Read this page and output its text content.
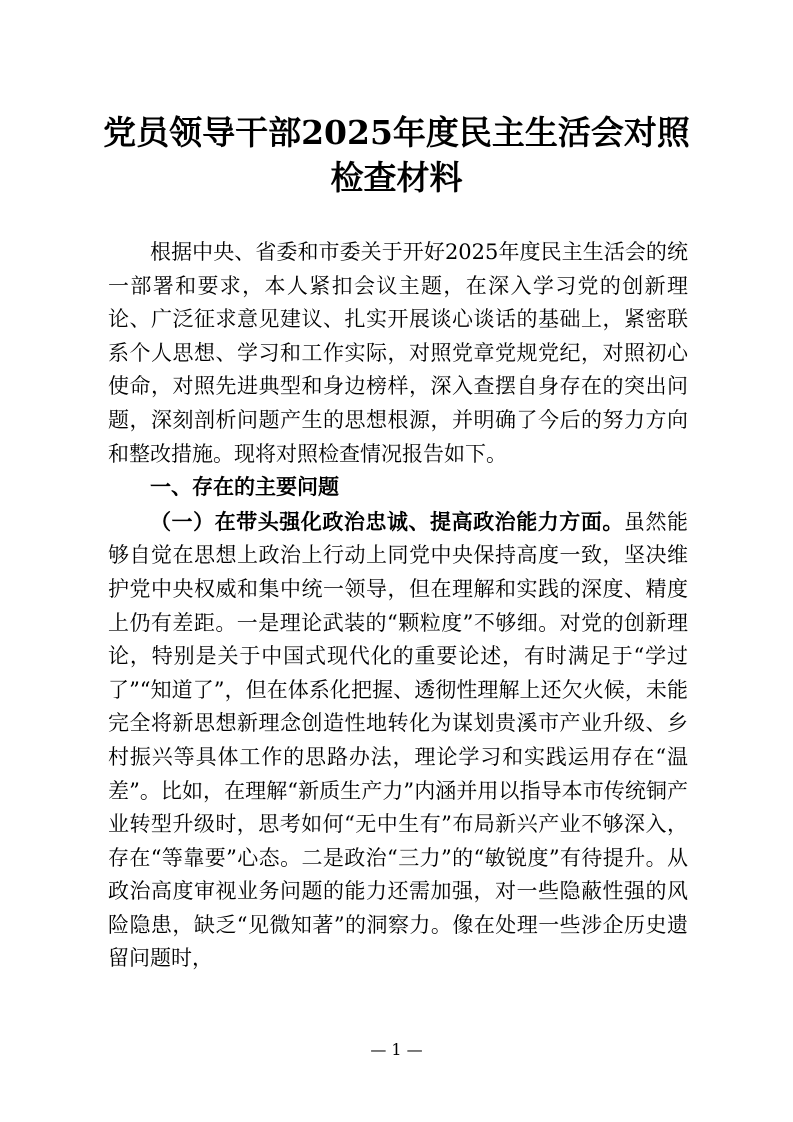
党员领导干部2025年度民主生活会对照
检查材料

根据中央、省委和市委关于开好2025年度民主生活会的统一部署和要求，本人紧扣会议主题，在深入学习党的创新理论、广泛征求意见建议、扎实开展谈心谈话的基础上，紧密联系个人思想、学习和工作实际，对照党章党规党纪，对照初心使命，对照先进典型和身边榜样，深入查摆自身存在的突出问题，深刻剖析问题产生的思想根源，并明确了今后的努力方向和整改措施。现将对照检查情况报告如下。

一、存在的主要问题

（一）在带头强化政治忠诚、提高政治能力方面。虽然能够自觉在思想上政治上行动上同党中央保持高度一致，坚决维护党中央权威和集中统一领导，但在理解和实践的深度、精度上仍有差距。一是理论武装的“颗粒度”不够细。对党的创新理论，特别是关于中国式现代化的重要论述，有时满足于“学过了”“知道了”，但在体系化把握、透彻性理解上还欠火候，未能完全将新思想新理念创造性地转化为谋划贵溪市产业升级、乡村振兴等具体工作的思路办法，理论学习和实践运用存在“温差”。比如，在理解“新质生产力”内涵并用以指导本市传统铜产业转型升级时，思考如何“无中生有”布局新兴产业不够深入，存在“等靠要”心态。二是政治“三力”的“敏锐度”有待提升。从政治高度审视业务问题的能力还需加强，对一些隐蔽性强的风险隐患，缺乏“见微知著”的洞察力。像在处理一些涉企历史遗留问题时，

— 1 —
